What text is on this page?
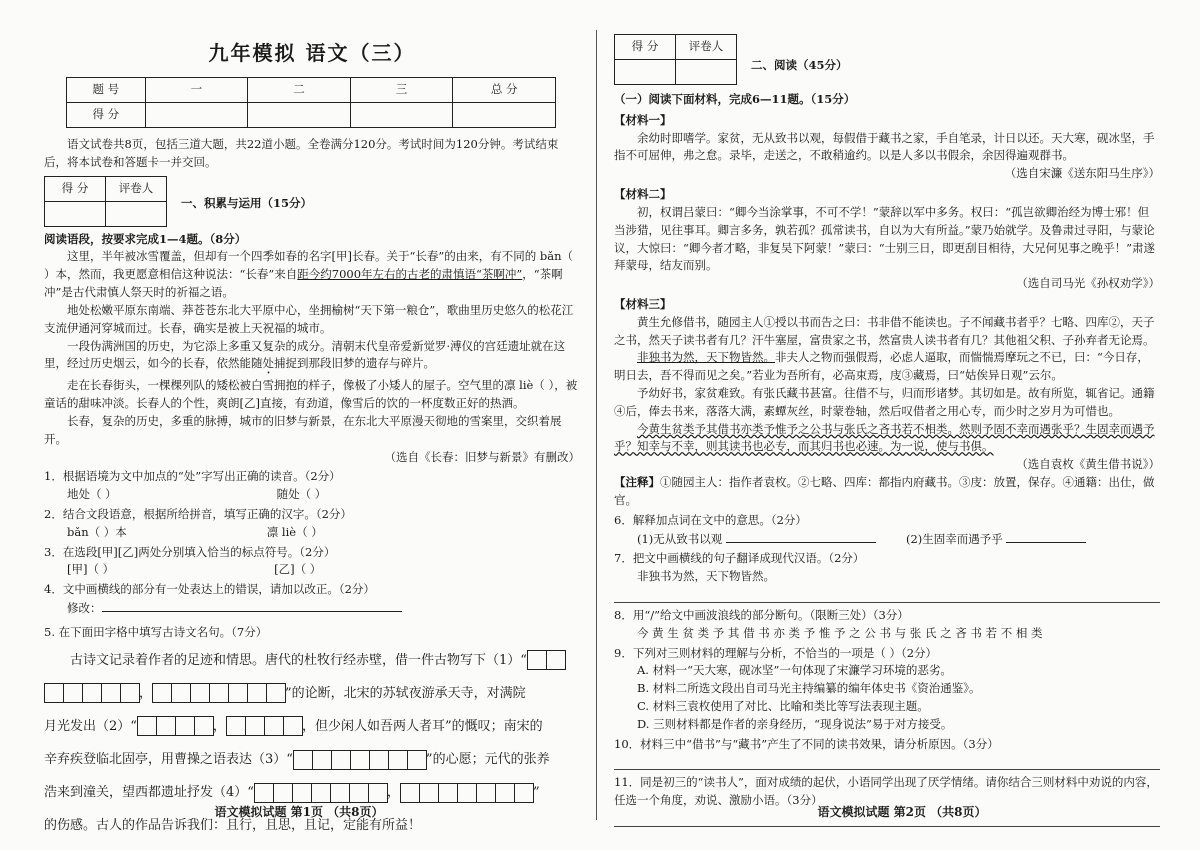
九年模拟 语文（三）
题 号	一	二	三	总 分
得 分				

语文试卷共8页，包括三道大题，共22道小题。全卷满分120分。考试时间为120分钟。考试结束后，将本试卷和答题卡一并交回。

得 分	评卷人

一、积累与运用（15分）

阅读语段，按要求完成1—4题。（8分）

这里，半年被冰雪覆盖，但却有一个四季如春的名字[甲]长春。关于“长春”的由来，有不同的 bǎn（ ）本，然而，我更愿意相信这种说法：“长春”来自距今约7000年左右的古老的肃慎语“茶啊冲”，“茶啊冲”是古代肃慎人祭天时的祈福之语。

地处松嫩平原东南端、莽苍苍东北大平原中心，坐拥榆树“天下第一粮仓”，歌曲里历史悠久的松花江支流伊通河穿城而过。长春，确实是被上天祝福的城市。

一段伪满洲国的历史，为它添上多重又复杂的成分。清朝末代皇帝爱新觉罗·溥仪的宫廷遗址就在这里，经过历史烟云，如今的长春，依然能随处捕捉到那段旧梦的遗存与碎片。

走在长春街头，一棵棵列队的矮松被白雪拥抱的样子，像极了小矮人的屋子。空气里的凛 liè（ ），被童话的甜味冲淡。长春人的个性，爽朗[乙]直接，有劲道，像雪后的饮的一杯度数正好的热酒。

长春，复杂的历史，多重的脉搏，城市的旧梦与新景，在东北大平原漫天彻地的雪案里，交织着展开。

（选自《长春：旧梦与新景》有删改）

1．根据语境为文中加点的“处”字写出正确的读音。（2分）

地处（ ）	随处（ ）

2．结合文段语意，根据所给拼音，填写正确的汉字。（2分）

bǎn（ ）本	凛 liè（ ）

3．在选段[甲][乙]两处分别填入恰当的标点符号。（2分）

[甲]（ ）	[乙]（ ）

4．文中画横线的部分有一处表达上的错误，请加以改正。（2分）

修改：

5. 在下面田字格中填写古诗文名句。（7分）

古诗文记录着作者的足迹和情思。唐代的杜牧行经赤壁，借一件古物写下（1）“
，	”的论断，北宋的苏轼夜游承天寺，对满院
月光发出（2）“	，	，但少闲人如吾两人者耳”的慨叹；南宋的
辛弃疾登临北固亭，用曹操之语表达（3）“	”的心愿；元代的张养
浩来到潼关，望西都遗址抒发（4）“	，	”
的伤感。古人的作品告诉我们：且行，且思，且记，定能有所益！
语文模拟试题 第1页 （共8页）
得 分	评卷人

二、阅读（45分）

（一）阅读下面材料，完成6—11题。（15分）

【材料一】

余幼时即嗜学。家贫，无从致书以观，每假借于藏书之家，手自笔录，计日以还。天大寒，砚冰坚，手指不可屈伸，弗之怠。录毕，走送之，不敢稍逾约。以是人多以书假余，余因得遍观群书。

（选自宋濂《送东阳马生序》）

【材料二】

初，权谓吕蒙曰：“卿今当涂掌事，不可不学！”蒙辞以军中多务。权曰：“孤岂欲卿治经为博士邪！但当涉猎，见往事耳。卿言多务，孰若孤？孤常读书，自以为大有所益。”蒙乃始就学。及鲁肃过寻阳，与蒙论议，大惊曰：“卿今者才略，非复吴下阿蒙！”蒙曰：“士别三日，即更刮目相待，大兄何见事之晚乎！”肃遂拜蒙母，结友而别。

（选自司马光《孙权劝学》）

【材料三】

黄生允修借书，随园主人①授以书而告之曰：书非借不能读也。子不闻藏书者乎？七略、四库②，天子之书，然天子读书者有几？汗牛塞屋，富贵家之书，然富贵人读书者有几？其他祖父积、子孙弃者无论焉。

非独书为然，天下物皆然。非夫人之物而强假焉，必虑人逼取，而惴惴焉摩玩之不已，曰：“今日存，明日去，吾不得而见之矣。”若业为吾所有，必高束焉，庋③藏焉，曰“姑俟异日观”云尔。

予幼好书，家贫难致。有张氏藏书甚富。往借不与，归而形诸梦。其切如是。故有所览，辄省记。通籍④后，俸去书来，落落大满，素蟫灰丝，时蒙卷轴，然后叹借者之用心专，而少时之岁月为可惜也。

今黄生贫类予其借书亦类予惟予之公书与张氏之吝书若不相类。然则予固不幸而遇张乎？生固幸而遇予乎？知幸与不幸，则其读书也必专，而其归书也必速。为一说，使与书俱。

（选自袁枚《黄生借书说》）

【注释】①随园主人：指作者袁枚。②七略、四库：都指内府藏书。③庋：放置，保存。④通籍：出仕，做官。

6．解释加点词在文中的意思。（2分）

(1)无从致书以观	(2)生固幸而遇予乎

7．把文中画横线的句子翻译成现代汉语。（2分）

非独书为然，天下物皆然。

8．用“/”给文中画波浪线的部分断句。（限断三处）（3分）

今 黄 生 贫 类 予 其 借 书 亦 类 予 惟 予 之 公 书 与 张 氏 之 吝 书 若 不 相 类

9．下列对三则材料的理解与分析，不恰当的一项是（ ）（2分）

A. 材料一“天大寒，砚冰坚”一句体现了宋濂学习环境的恶劣。

B. 材料二所选文段出自司马光主持编纂的编年体史书《资治通鉴》。

C. 材料三袁枚使用了对比、比喻和类比等写法表现主题。

D. 三则材料都是作者的亲身经历，“现身说法”易于对方接受。

10．材料三中“借书”与“藏书”产生了不同的读书效果，请分析原因。（3分）

11．同是初三的“读书人”，面对成绩的起伏，小语同学出现了厌学情绪。请你结合三则材料中劝说的内容，任选一个角度，劝说、激励小语。（3分）

语文模拟试题 第2页 （共8页）
